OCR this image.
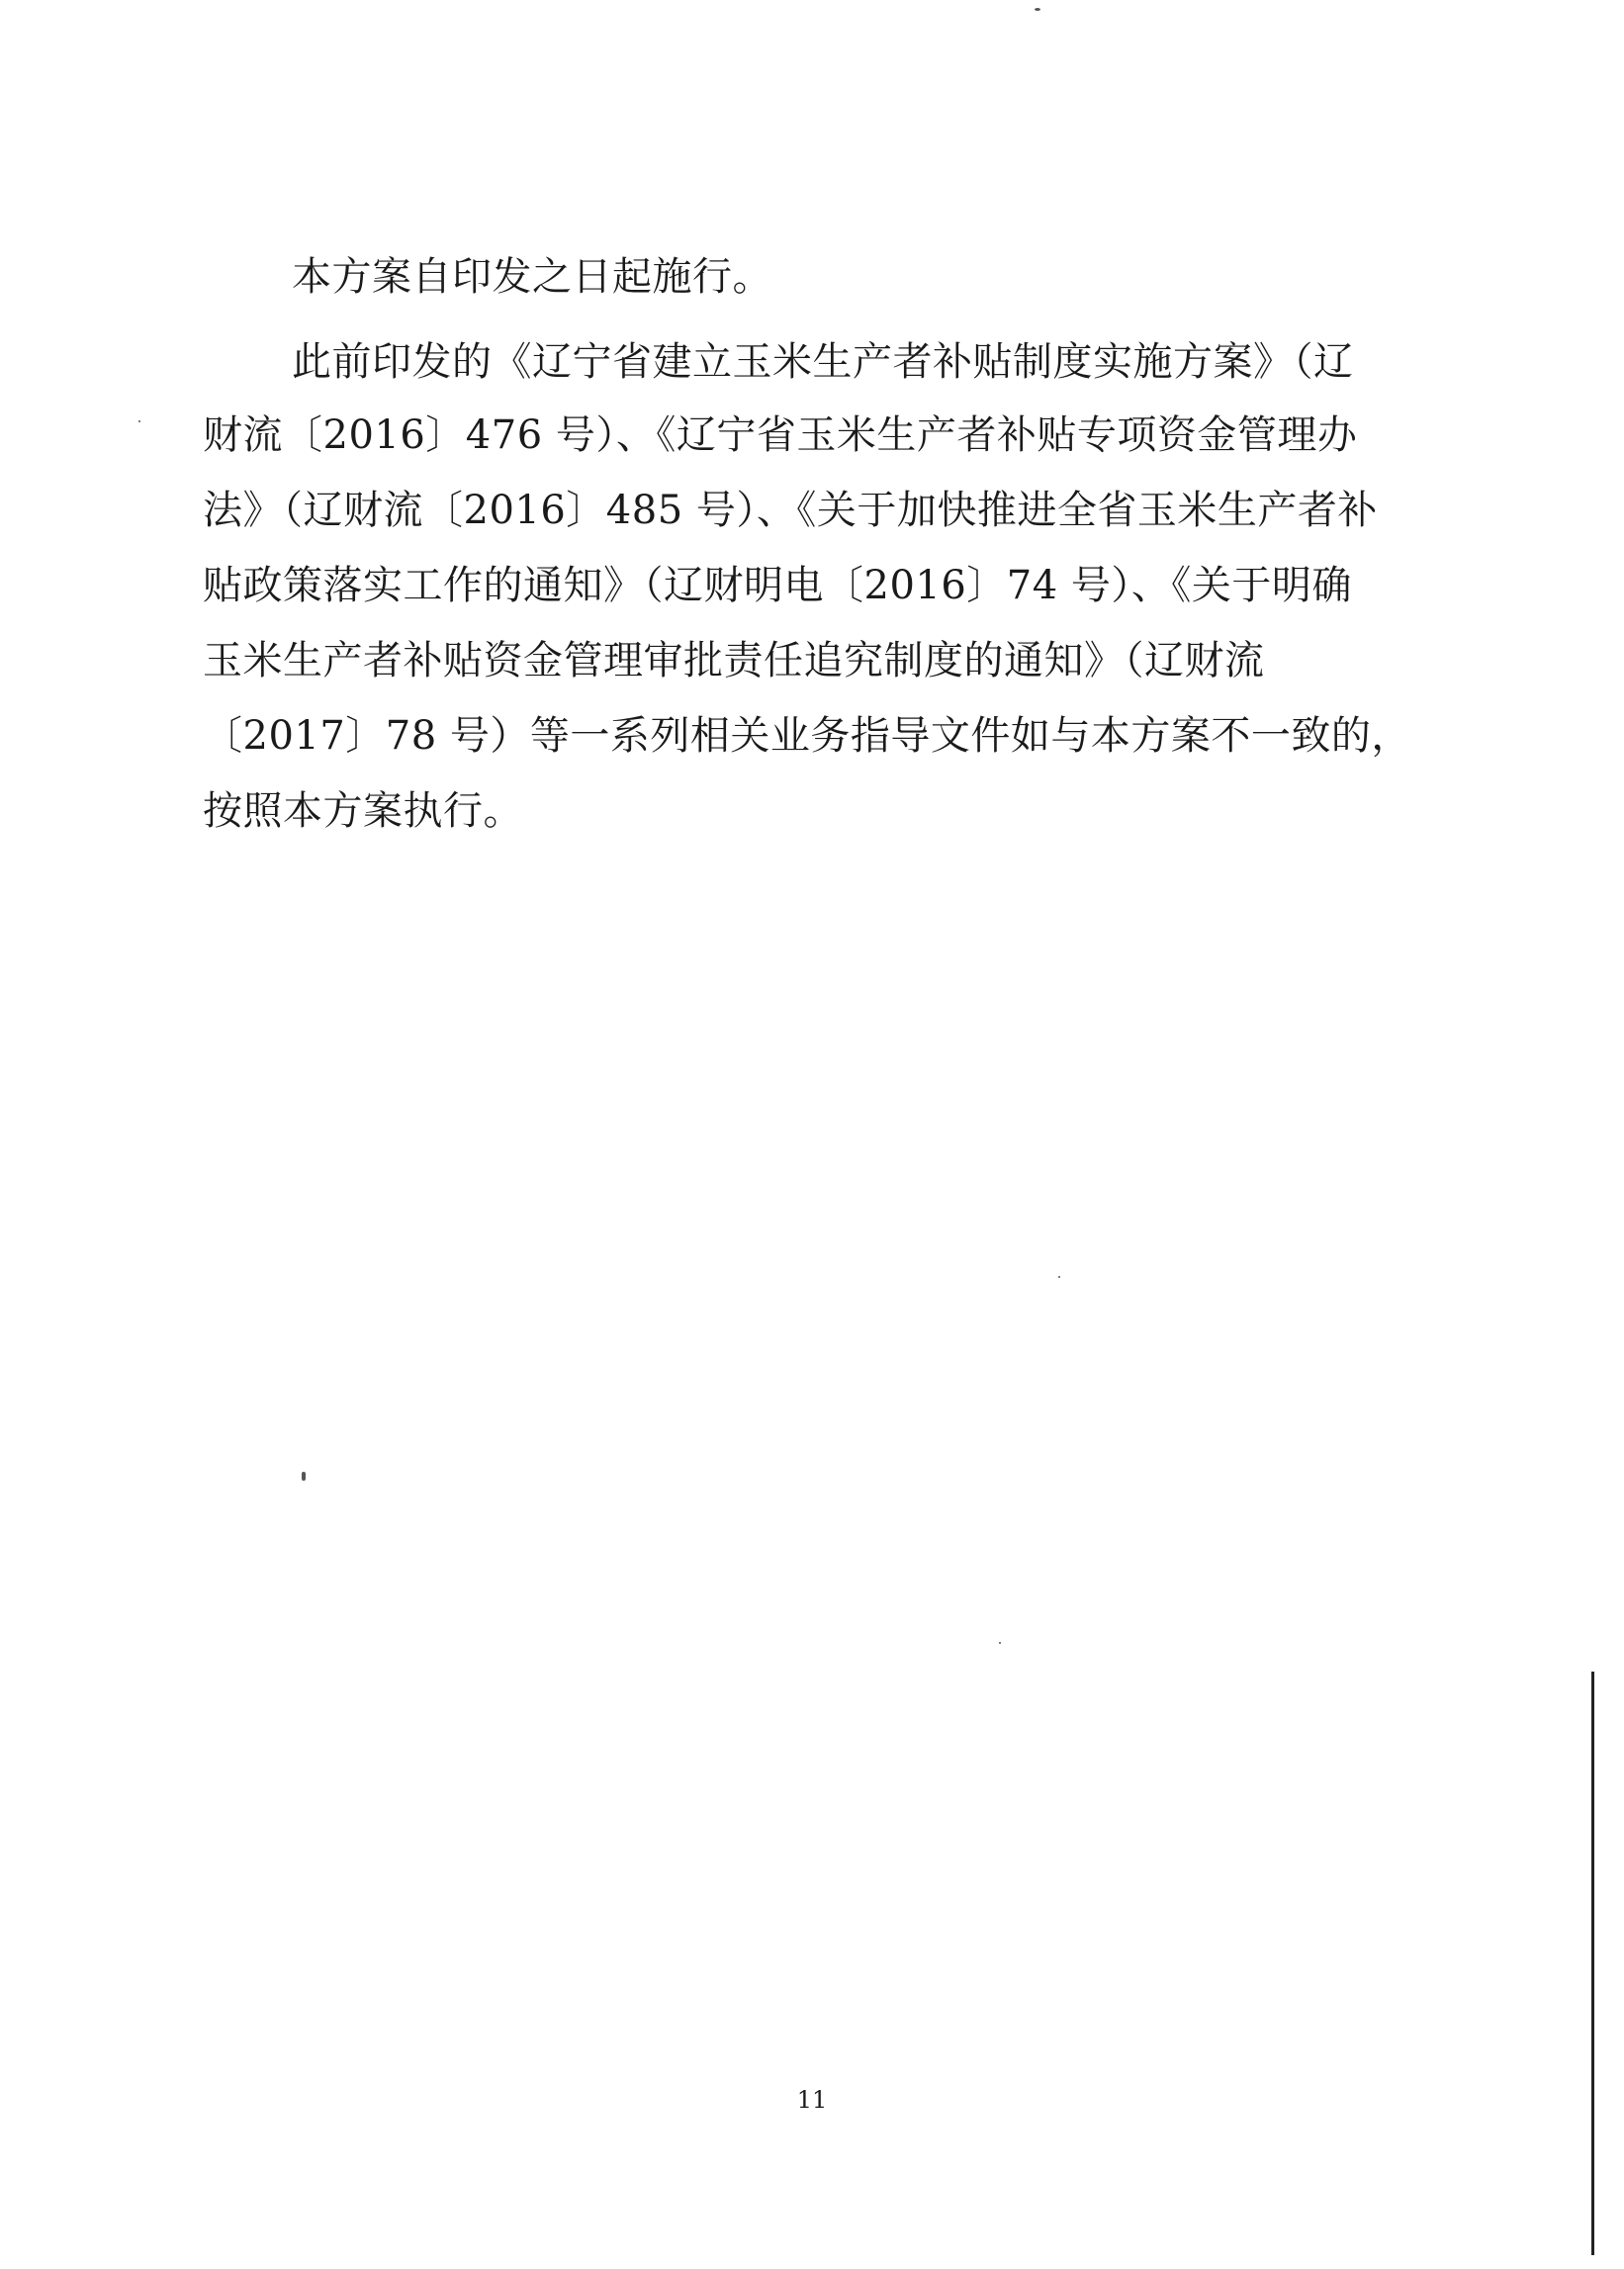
本方案自印发之日起施行。
此前印发的《辽宁省建立玉米生产者补贴制度实施方案》（辽
财流〔2016〕476 号）、《辽宁省玉米生产者补贴专项资金管理办
法》（辽财流〔2016〕485 号）、《关于加快推进全省玉米生产者补
贴政策落实工作的通知》（辽财明电〔2016〕74 号）、《关于明确
玉米生产者补贴资金管理审批责任追究制度的通知》（辽财流
〔2017〕78 号）等一系列相关业务指导文件如与本方案不一致的，
按照本方案执行。
11
